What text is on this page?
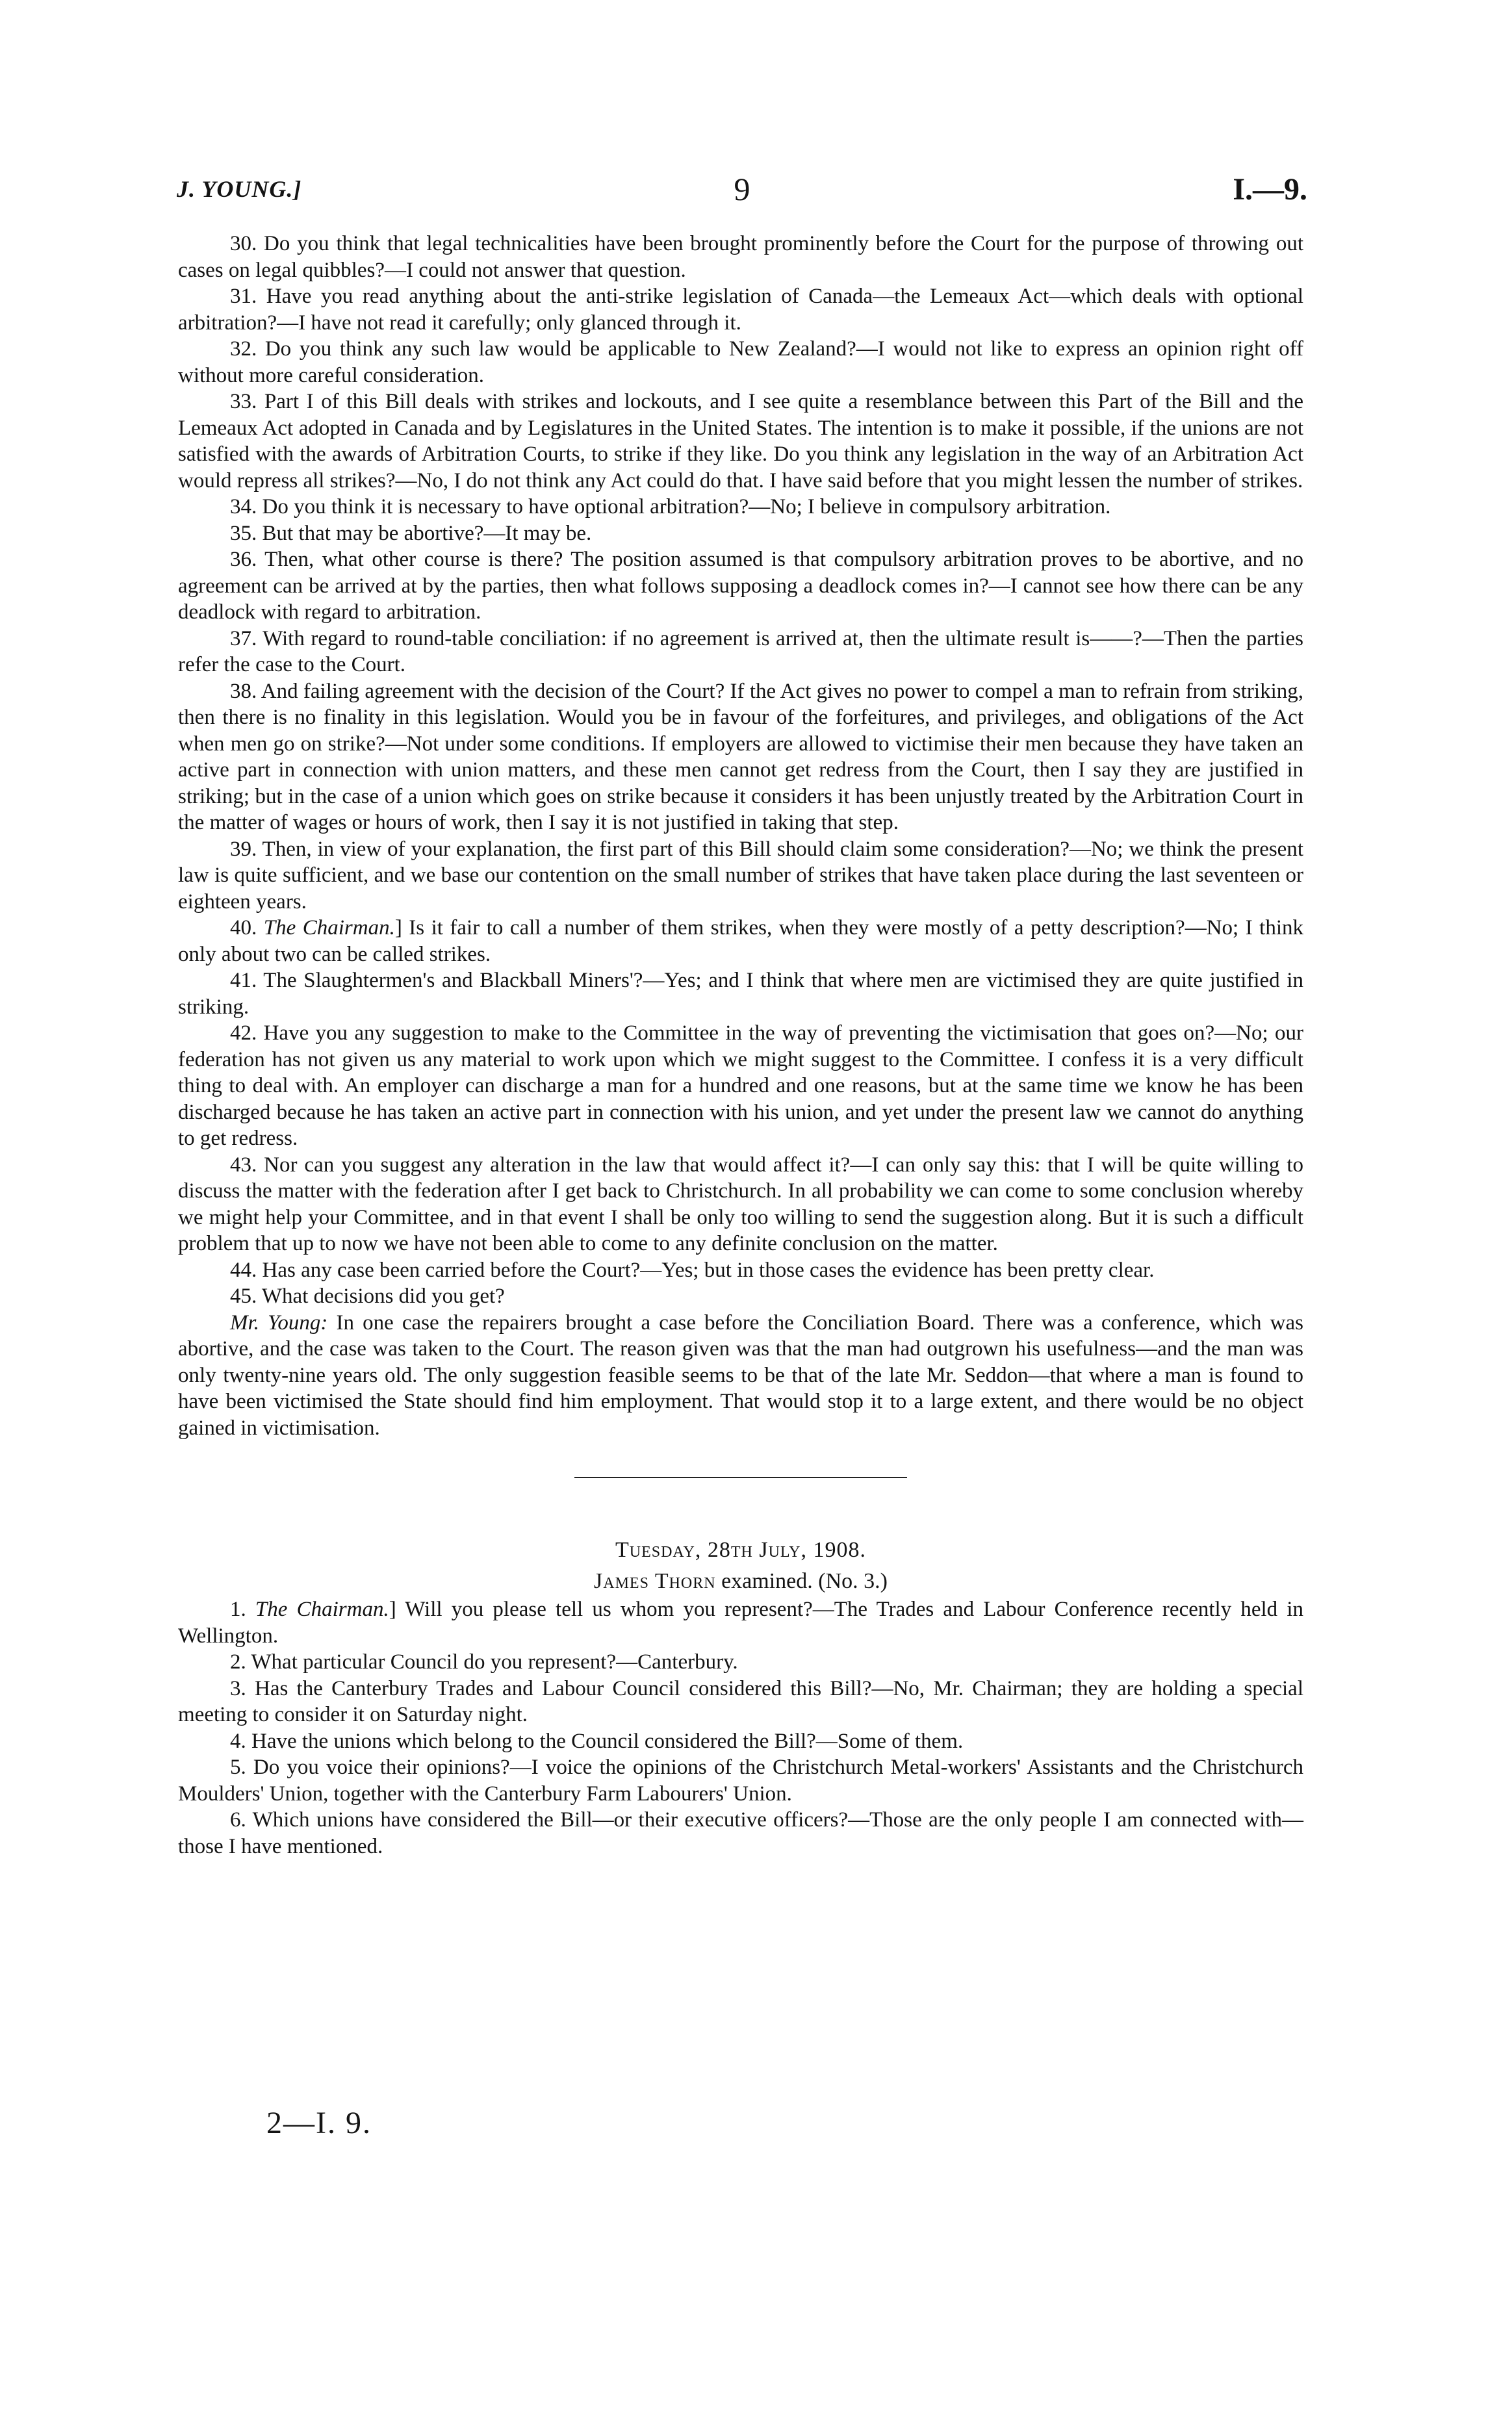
J. YOUNG.]	9	I.—9.

30. Do you think that legal technicalities have been brought prominently before the Court for the purpose of throwing out cases on legal quibbles?—I could not answer that question.

31. Have you read anything about the anti-strike legislation of Canada—the Lemeaux Act—which deals with optional arbitration?—I have not read it carefully; only glanced through it.

32. Do you think any such law would be applicable to New Zealand?—I would not like to express an opinion right off without more careful consideration.

33. Part I of this Bill deals with strikes and lockouts, and I see quite a resemblance between this Part of the Bill and the Lemeaux Act adopted in Canada and by Legislatures in the United States. The intention is to make it possible, if the unions are not satisfied with the awards of Arbitration Courts, to strike if they like. Do you think any legislation in the way of an Arbitration Act would repress all strikes?—No, I do not think any Act could do that. I have said before that you might lessen the number of strikes.

34. Do you think it is necessary to have optional arbitration?—No; I believe in compulsory arbitration.

35. But that may be abortive?—It may be.

36. Then, what other course is there? The position assumed is that compulsory arbitration proves to be abortive, and no agreement can be arrived at by the parties, then what follows supposing a deadlock comes in?—I cannot see how there can be any deadlock with regard to arbitration.

37. With regard to round-table conciliation: if no agreement is arrived at, then the ultimate result is——?—Then the parties refer the case to the Court.

38. And failing agreement with the decision of the Court? If the Act gives no power to compel a man to refrain from striking, then there is no finality in this legislation. Would you be in favour of the forfeitures, and privileges, and obligations of the Act when men go on strike?—Not under some conditions. If employers are allowed to victimise their men because they have taken an active part in connection with union matters, and these men cannot get redress from the Court, then I say they are justified in striking; but in the case of a union which goes on strike because it considers it has been unjustly treated by the Arbitration Court in the matter of wages or hours of work, then I say it is not justified in taking that step.

39. Then, in view of your explanation, the first part of this Bill should claim some consideration?—No; we think the present law is quite sufficient, and we base our contention on the small number of strikes that have taken place during the last seventeen or eighteen years.

40. The Chairman.] Is it fair to call a number of them strikes, when they were mostly of a petty description?—No; I think only about two can be called strikes.

41. The Slaughtermen's and Blackball Miners'?—Yes; and I think that where men are victimised they are quite justified in striking.

42. Have you any suggestion to make to the Committee in the way of preventing the victimisation that goes on?—No; our federation has not given us any material to work upon which we might suggest to the Committee. I confess it is a very difficult thing to deal with. An employer can discharge a man for a hundred and one reasons, but at the same time we know he has been discharged because he has taken an active part in connection with his union, and yet under the present law we cannot do anything to get redress.

43. Nor can you suggest any alteration in the law that would affect it?—I can only say this: that I will be quite willing to discuss the matter with the federation after I get back to Christchurch. In all probability we can come to some conclusion whereby we might help your Committee, and in that event I shall be only too willing to send the suggestion along. But it is such a difficult problem that up to now we have not been able to come to any definite conclusion on the matter.

44. Has any case been carried before the Court?—Yes; but in those cases the evidence has been pretty clear.

45. What decisions did you get?

Mr. Young: In one case the repairers brought a case before the Conciliation Board. There was a conference, which was abortive, and the case was taken to the Court. The reason given was that the man had outgrown his usefulness—and the man was only twenty-nine years old. The only suggestion feasible seems to be that of the late Mr. Seddon—that where a man is found to have been victimised the State should find him employment. That would stop it to a large extent, and there would be no object gained in victimisation.

Tuesday, 28th July, 1908.
James Thorn examined. (No. 3.)

1. The Chairman.] Will you please tell us whom you represent?—The Trades and Labour Conference recently held in Wellington.

2. What particular Council do you represent?—Canterbury.

3. Has the Canterbury Trades and Labour Council considered this Bill?—No, Mr. Chairman; they are holding a special meeting to consider it on Saturday night.

4. Have the unions which belong to the Council considered the Bill?—Some of them.

5. Do you voice their opinions?—I voice the opinions of the Christchurch Metal-workers' Assistants and the Christchurch Moulders' Union, together with the Canterbury Farm Labourers' Union.

6. Which unions have considered the Bill—or their executive officers?—Those are the only people I am connected with—those I have mentioned.

2—I. 9.
